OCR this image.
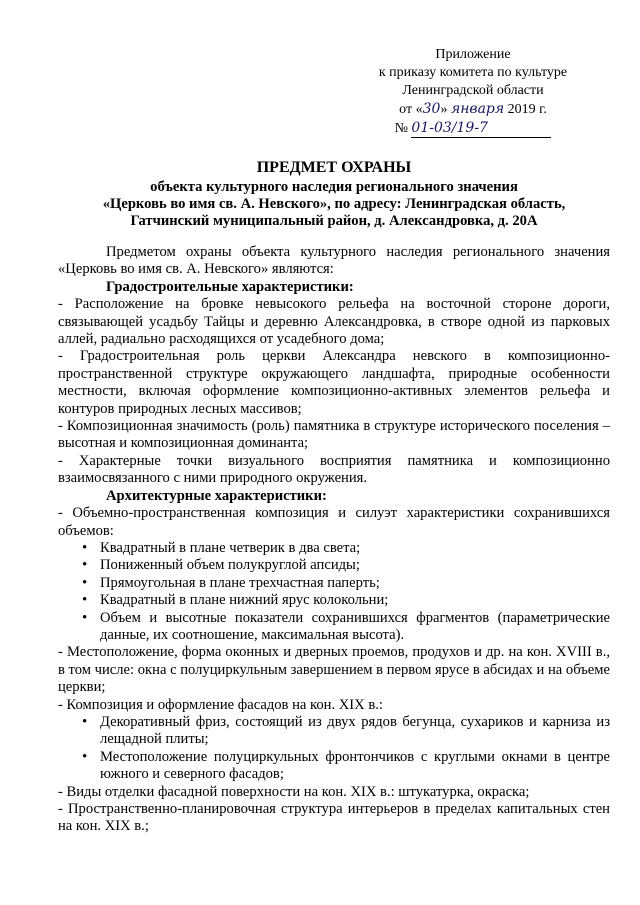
Приложение
к приказу комитета по культуре
Ленинградской области
от «30» января 2019 г.
№ 01-03/19-7
ПРЕДМЕТ ОХРАНЫ
объекта культурного наследия регионального значения
«Церковь во имя св. А. Невского», по адресу: Ленинградская область,
Гатчинский муниципальный район, д. Александровка, д. 20А

Предметом охраны объекта культурного наследия регионального значения «Церковь во имя св. А. Невского» являются:

Градостроительные характеристики:

- Расположение на бровке невысокого рельефа на восточной стороне дороги, связывающей усадьбу Тайцы и деревню Александровка, в створе одной из парковых аллей, радиально расходящихся от усадебного дома;

- Градостроительная роль церкви Александра невского в композиционно-пространственной структуре окружающего ландшафта, природные особенности местности, включая оформление композиционно-активных элементов рельефа и контуров природных лесных массивов;

- Композиционная значимость (роль) памятника в структуре исторического поселения – высотная и композиционная доминанта;

- Характерные точки визуального восприятия памятника и композиционно взаимосвязанного с ними природного окружения.

Архитектурные характеристики:

- Объемно-пространственная композиция и силуэт характеристики сохранившихся объемов:

• Квадратный в плане четверик в два света;
• Пониженный объем полукруглой апсиды;
• Прямоугольная в плане трехчастная паперть;
• Квадратный в плане нижний ярус колокольни;
• Объем и высотные показатели сохранившихся фрагментов (параметрические данные, их соотношение, максимальная высота).

- Местоположение, форма оконных и дверных проемов, продухов и др. на кон. XVIII в., в том числе: окна с полуциркульным завершением в первом ярусе в абсидах и на объеме церкви;

- Композиция и оформление фасадов на кон. XIX в.:

• Декоративный фриз, состоящий из двух рядов бегунца, сухариков и карниза из лещадной плиты;
• Местоположение полуциркульных фронтончиков с круглыми окнами в центре южного и северного фасадов;

- Виды отделки фасадной поверхности на кон. XIX в.: штукатурка, окраска;

- Пространственно-планировочная структура интерьеров в пределах капитальных стен на кон. XIX в.;
